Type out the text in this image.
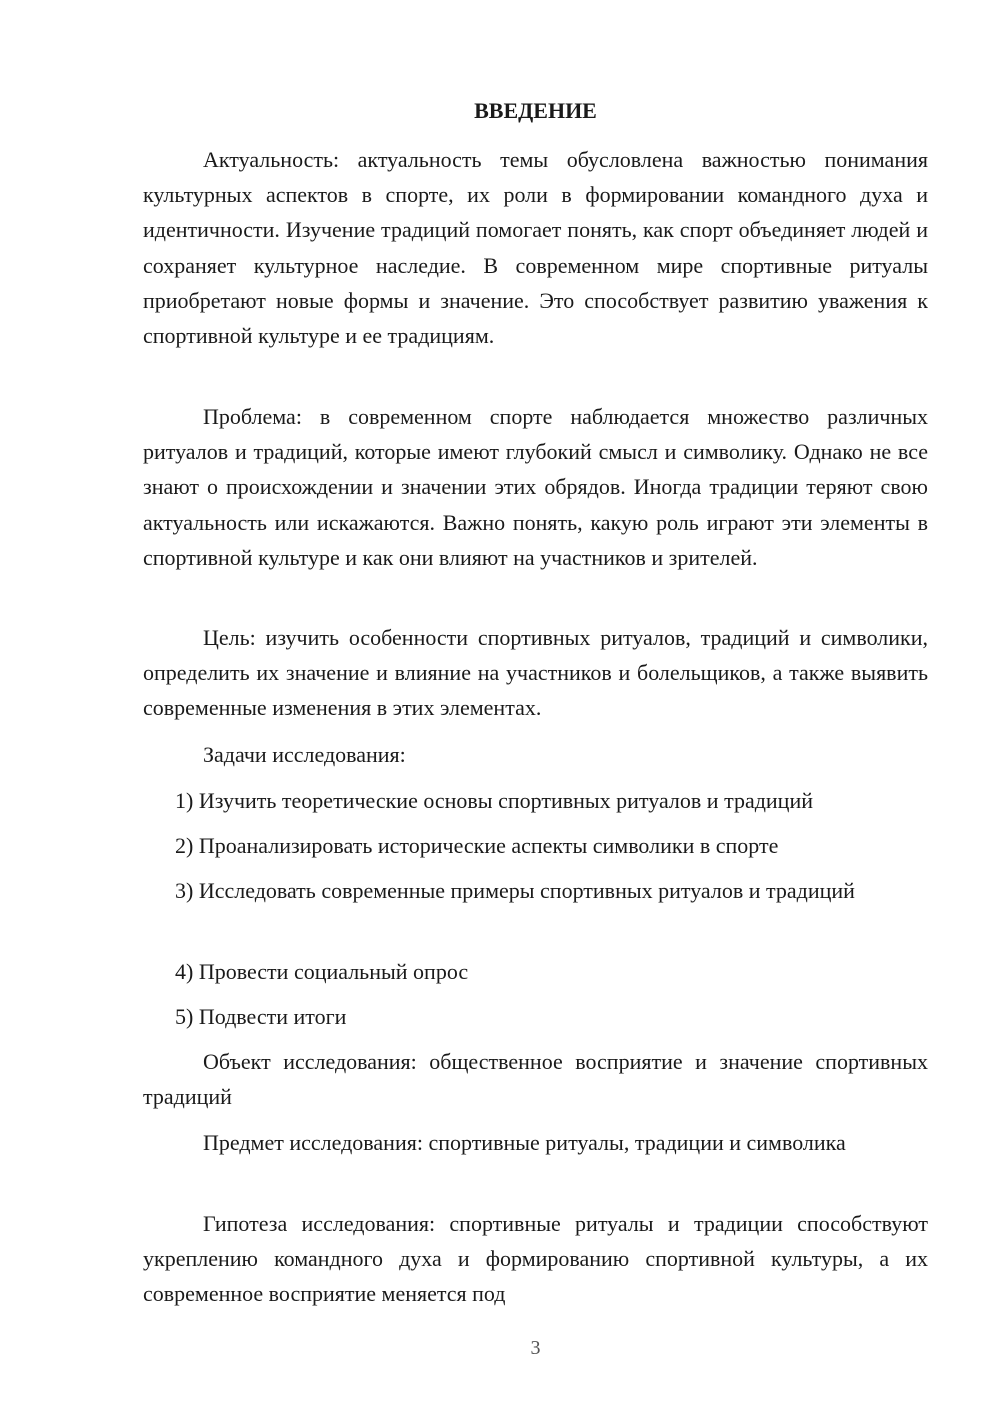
ВВЕДЕНИЕ

Актуальность: актуальность темы обусловлена важностью понимания культурных аспектов в спорте, их роли в формировании командного духа и идентичности. Изучение традиций помогает понять, как спорт объединяет людей и сохраняет культурное наследие. В современном мире спортивные ритуалы приобретают новые формы и значение. Это способствует развитию уважения к спортивной культуре и ее традициям.

Проблема: в современном спорте наблюдается множество различных ритуалов и традиций, которые имеют глубокий смысл и символику. Однако не все знают о происхождении и значении этих обрядов. Иногда традиции теряют свою актуальность или искажаются. Важно понять, какую роль играют эти элементы в спортивной культуре и как они влияют на участников и зрителей.

Цель: изучить особенности спортивных ритуалов, традиций и символики, определить их значение и влияние на участников и болельщиков, а также выявить современные изменения в этих элементах.

Задачи исследования:

1) Изучить теоретические основы спортивных ритуалов и традиций

2) Проанализировать исторические аспекты символики в спорте

3) Исследовать современные примеры спортивных ритуалов и традиций

4) Провести социальный опрос

5) Подвести итоги

Объект исследования: общественное восприятие и значение спортивных традиций

Предмет исследования: спортивные ритуалы, традиции и символика

Гипотеза исследования: спортивные ритуалы и традиции способствуют укреплению командного духа и формированию спортивной культуры, а их современное восприятие меняется под

3
